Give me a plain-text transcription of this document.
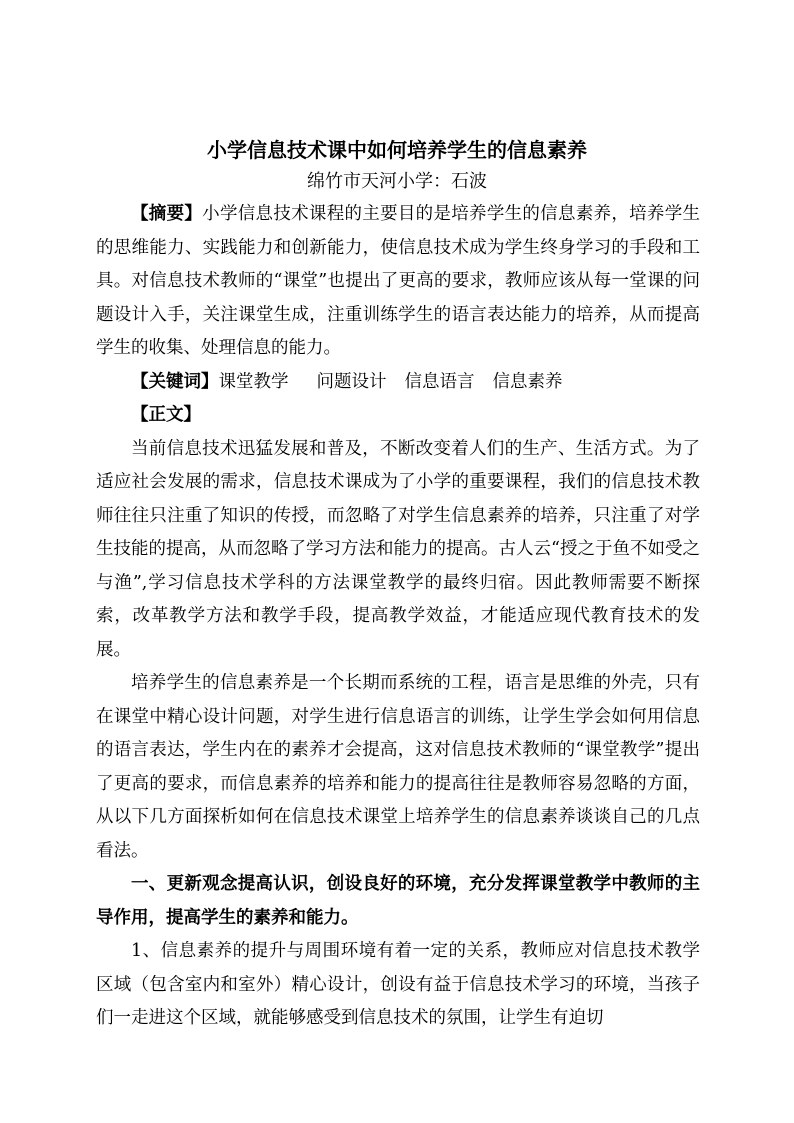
小学信息技术课中如何培养学生的信息素养
绵竹市天河小学：石波

【摘要】小学信息技术课程的主要目的是培养学生的信息素养，培养学生的思维能力、实践能力和创新能力，使信息技术成为学生终身学习的手段和工具。对信息技术教师的“课堂”也提出了更高的要求，教师应该从每一堂课的问题设计入手，关注课堂生成，注重训练学生的语言表达能力的培养，从而提高学生的收集、处理信息的能力。

【关键词】课堂教学 问题设计 信息语言 信息素养

【正文】

当前信息技术迅猛发展和普及，不断改变着人们的生产、生活方式。为了适应社会发展的需求，信息技术课成为了小学的重要课程，我们的信息技术教师往往只注重了知识的传授，而忽略了对学生信息素养的培养，只注重了对学生技能的提高，从而忽略了学习方法和能力的提高。古人云“授之于鱼不如受之与渔”,学习信息技术学科的方法课堂教学的最终归宿。因此教师需要不断探索，改革教学方法和教学手段，提高教学效益，才能适应现代教育技术的发展。

培养学生的信息素养是一个长期而系统的工程，语言是思维的外壳，只有在课堂中精心设计问题，对学生进行信息语言的训练，让学生学会如何用信息的语言表达，学生内在的素养才会提高，这对信息技术教师的“课堂教学”提出了更高的要求，而信息素养的培养和能力的提高往往是教师容易忽略的方面，从以下几方面探析如何在信息技术课堂上培养学生的信息素养谈谈自己的几点看法。

一、更新观念提高认识，创设良好的环境，充分发挥课堂教学中教师的主导作用，提高学生的素养和能力。

1、信息素养的提升与周围环境有着一定的关系，教师应对信息技术教学区域（包含室内和室外）精心设计，创设有益于信息技术学习的环境，当孩子们一走进这个区域，就能够感受到信息技术的氛围，让学生有迫切
